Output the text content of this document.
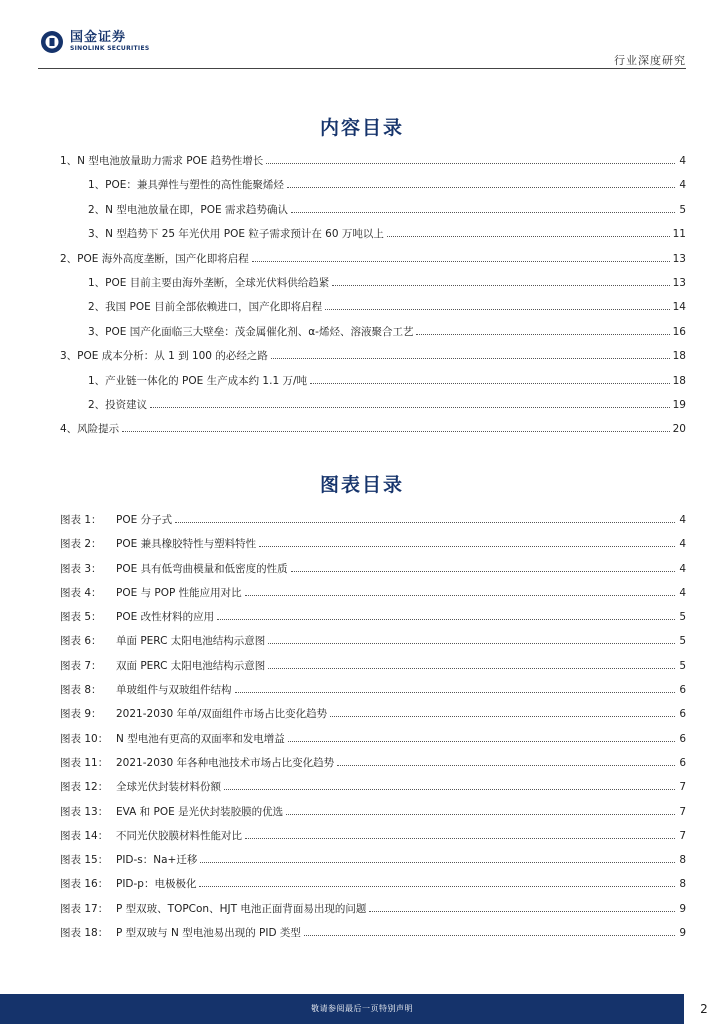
国金证券
SINOLINK SECURITIES
行业深度研究
内容目录
1、N 型电池放量助力需求 POE 趋势性增长	4
1、POE：兼具弹性与塑性的高性能聚烯烃	4
2、N 型电池放量在即，POE 需求趋势确认	5
3、N 型趋势下 25 年光伏用 POE 粒子需求预计在 60 万吨以上	11
2、POE 海外高度垄断，国产化即将启程	13
1、POE 目前主要由海外垄断，全球光伏料供给趋紧	13
2、我国 POE 目前全部依赖进口，国产化即将启程	14
3、POE 国产化面临三大壁垒：茂金属催化剂、α-烯烃、溶液聚合工艺	16
3、POE 成本分析：从 1 到 100 的必经之路	18
1、产业链一体化的 POE 生产成本约 1.1 万/吨	18
2、投资建议	19
4、风险提示	20
图表目录
图表 1：	POE 分子式	4
图表 2：	POE 兼具橡胶特性与塑料特性	4
图表 3：	POE 具有低弯曲模量和低密度的性质	4
图表 4：	POE 与 POP 性能应用对比	4
图表 5：	POE 改性材料的应用	5
图表 6：	单面 PERC 太阳电池结构示意图	5
图表 7：	双面 PERC 太阳电池结构示意图	5
图表 8：	单玻组件与双玻组件结构	6
图表 9：	2021-2030 年单/双面组件市场占比变化趋势	6
图表 10： N 型电池有更高的双面率和发电增益	6
图表 11： 2021-2030 年各种电池技术市场占比变化趋势	6
图表 12： 全球光伏封装材料份额	7
图表 13： EVA 和 POE 是光伏封装胶膜的优选	7
图表 14： 不同光伏胶膜材料性能对比	7
图表 15： PID-s：Na+迁移	8
图表 16： PID-p：电极极化	8
图表 17： P 型双玻、TOPCon、HJT 电池正面背面易出现的问题	9
图表 18： P 型双玻与 N 型电池易出现的 PID 类型	9
敬请参阅最后一页特别声明	2
